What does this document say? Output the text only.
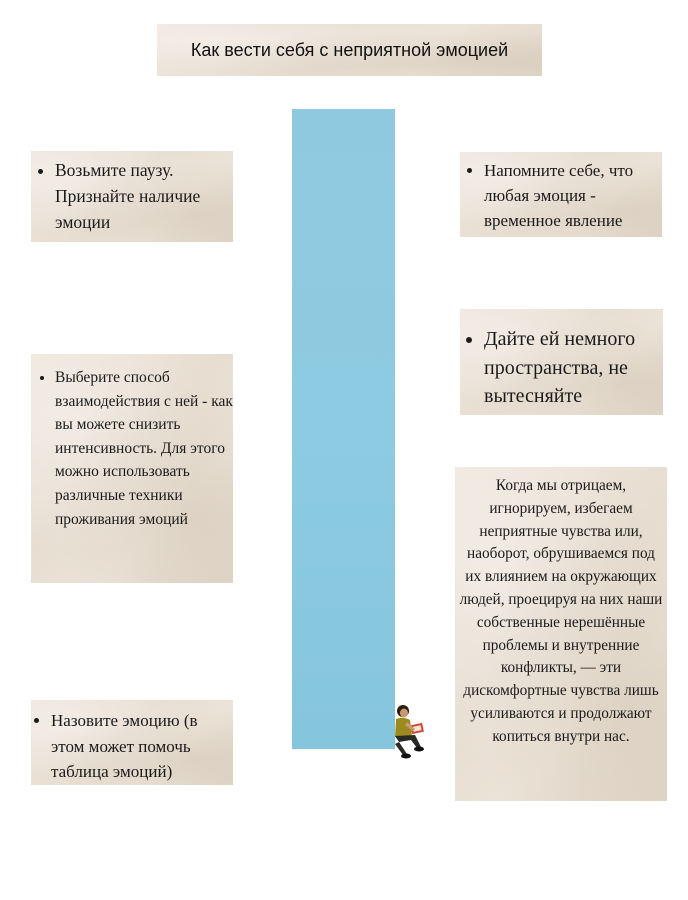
Как вести себя с неприятной эмоцией
• Возьмите паузу. Признайте наличие эмоции
• Напомните себе, что любая эмоция - временное явление
• Дайте ей немного пространства, не вытесняйте
• Выберите способ взаимодействия с ней - как вы можете снизить интенсивность. Для этого можно использовать различные техники проживания эмоций
• Назовите эмоцию (в этом может помочь таблица эмоций)

Когда мы отрицаем, игнорируем, избегаем неприятные чувства или, наоборот, обрушиваемся под их влиянием на окружающих людей, проецируя на них наши собственные нерешённые проблемы и внутренние конфликты, — эти дискомфортные чувства лишь усиливаются и продолжают копиться внутри нас.
